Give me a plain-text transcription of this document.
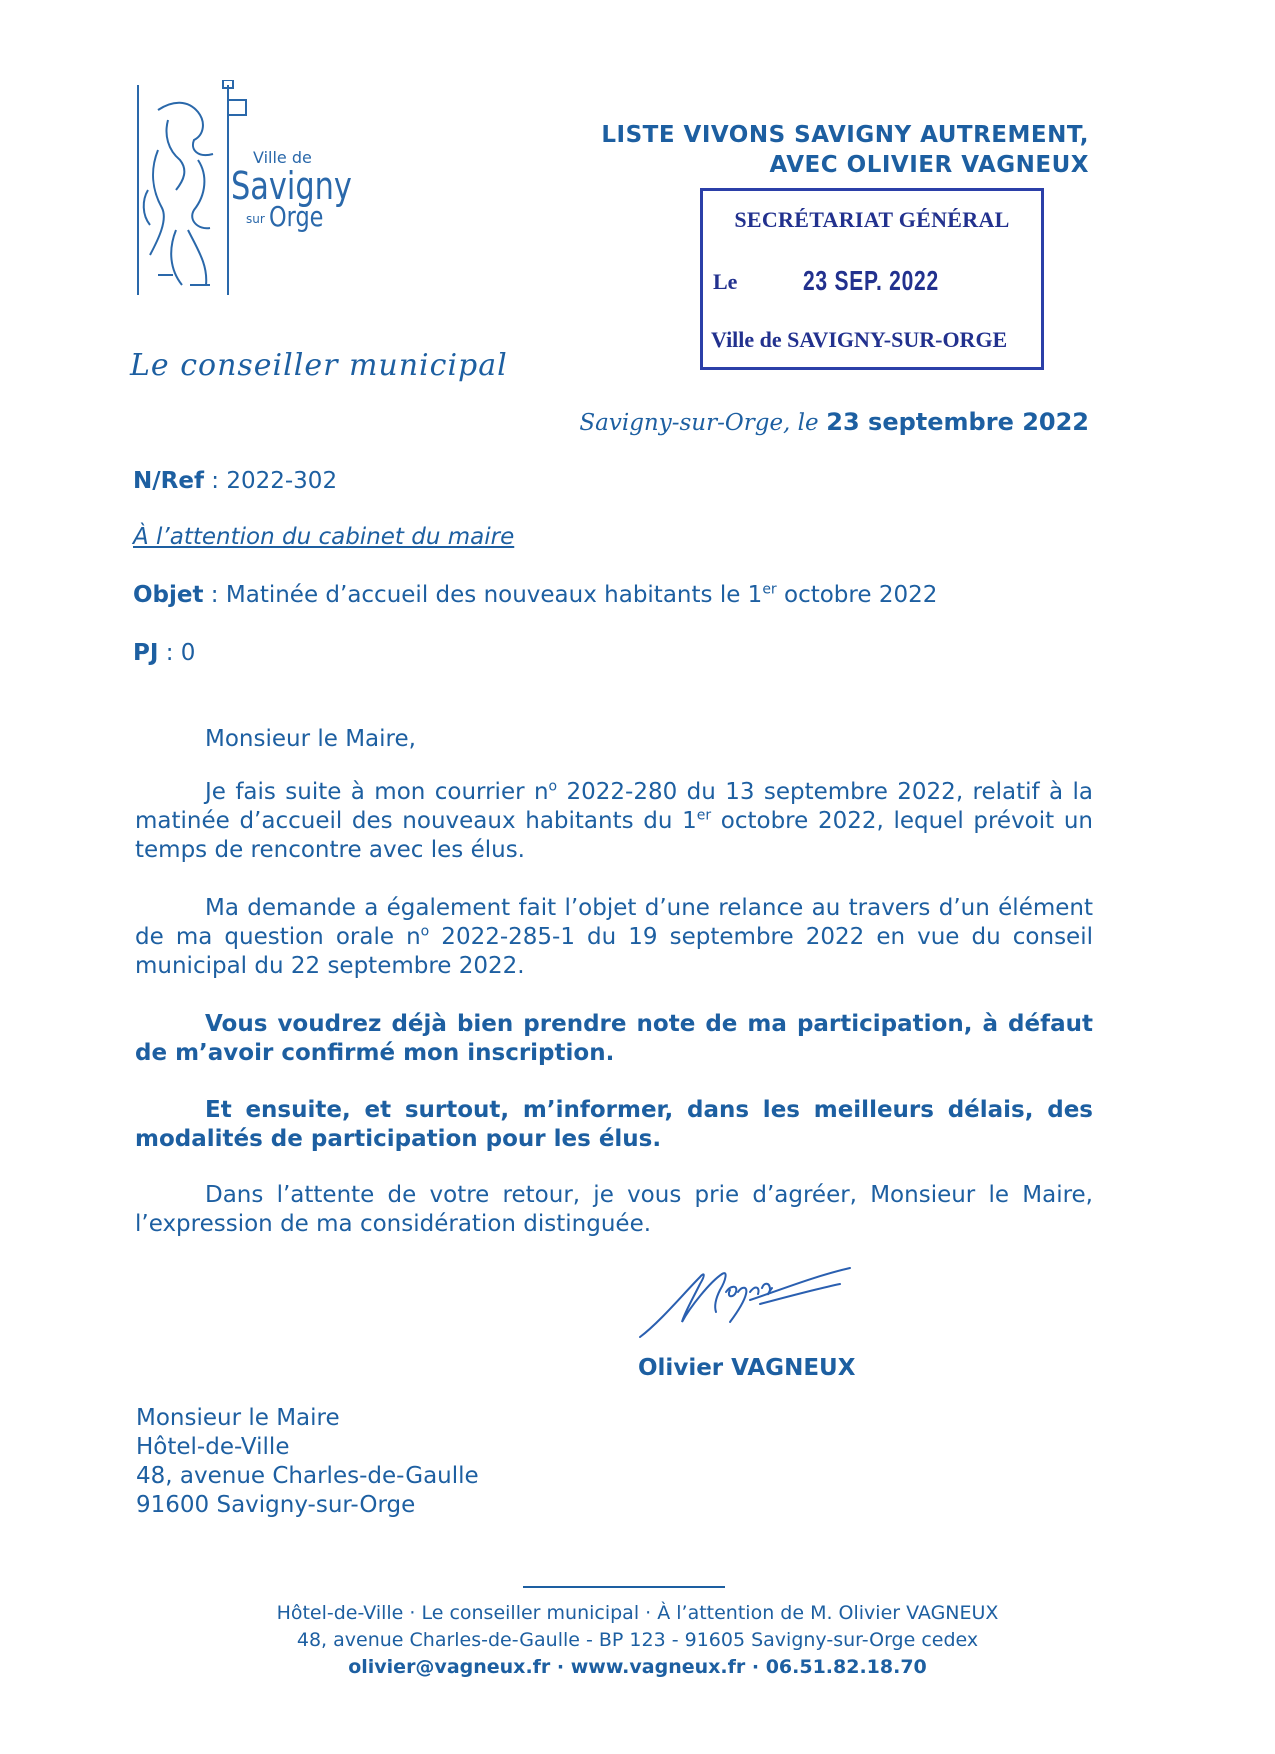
Ville de
Savigny
sur Orge
LISTE VIVONS SAVIGNY AUTREMENT,
AVEC OLIVIER VAGNEUX
SECRÉTARIAT GÉNÉRAL
Le 23 SEP. 2022
Ville de SAVIGNY-SUR-ORGE
Le conseiller municipal
Savigny-sur-Orge, le 23 septembre 2022
N/Ref : 2022-302
À l’attention du cabinet du maire
Objet : Matinée d’accueil des nouveaux habitants le 1er octobre 2022
PJ : 0
Monsieur le Maire,
Je fais suite à mon courrier $n^o$ 2022-280 du 13 septembre 2022, relatif à la matinée d’accueil des nouveaux habitants du 1er octobre 2022, lequel prévoit un temps de rencontre avec les élus.
Ma demande a également fait l’objet d’une relance au travers d’un élément de ma question orale $n^o$ 2022-285-1 du 19 septembre 2022 en vue du conseil municipal du 22 septembre 2022.
Vous voudrez déjà bien prendre note de ma participation, à défaut de m’avoir confirmé mon inscription.
Et ensuite, et surtout, m’informer, dans les meilleurs délais, des modalités de participation pour les élus.
Dans l’attente de votre retour, je vous prie d’agréer, Monsieur le Maire, l’expression de ma considération distinguée.
Olivier VAGNEUX
Monsieur le Maire
Hôtel-de-Ville
48, avenue Charles-de-Gaulle
91600 Savigny-sur-Orge
Hôtel-de-Ville · Le conseiller municipal · À l’attention de M. Olivier VAGNEUX
48, avenue Charles-de-Gaulle - BP 123 - 91605 Savigny-sur-Orge cedex
olivier@vagneux.fr · www.vagneux.fr · 06.51.82.18.70
